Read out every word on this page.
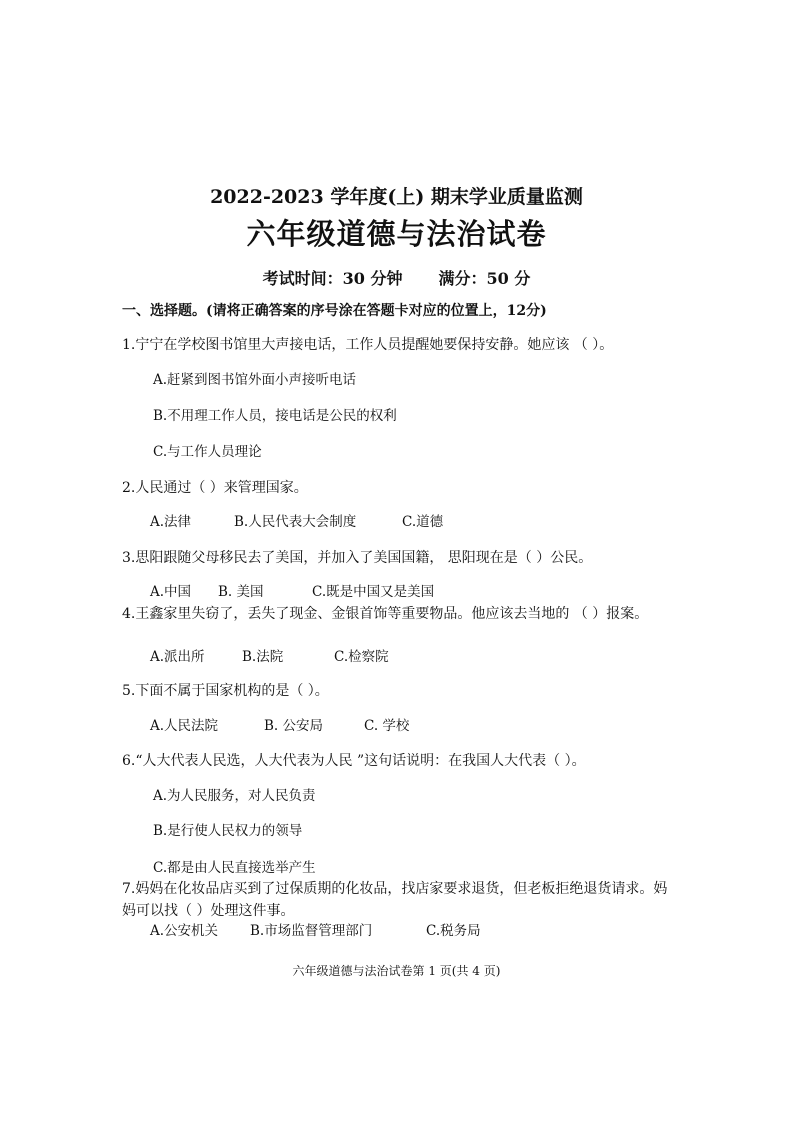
2022-2023 学年度(上) 期末学业质量监测
六年级道德与法治试卷
考试时间：30 分钟 满分：50 分
一、选择题。(请将正确答案的序号涂在答题卡对应的位置上，12分)
1.宁宁在学校图书馆里大声接电话，工作人员提醒她要保持安静。她应该 （ ）。
A.赶紧到图书馆外面小声接听电话
B.不用理工作人员，接电话是公民的权利
C.与工作人员理论
2.人民通过（ ）来管理国家。
A.法律	B.人民代表大会制度	C.道德
3.思阳跟随父母移民去了美国，并加入了美国国籍， 思阳现在是（ ）公民。
A.中国 B. 美国	C.既是中国又是美国
4.王鑫家里失窃了，丢失了现金、金银首饰等重要物品。他应该去当地的 （ ）报案。
A.派出所	B.法院	C.检察院
5.下面不属于国家机构的是（ ）。
A.人民法院	B. 公安局	C. 学校
6.“人大代表人民选，人大代表为人民 ”这句话说明：在我国人大代表（ ）。
A.为人民服务，对人民负责
B.是行使人民权力的领导
C.都是由人民直接选举产生
7.妈妈在化妆品店买到了过保质期的化妆品，找店家要求退货，但老板拒绝退货请求。妈妈可以找（ ）处理这件事。
A.公安机关 B.市场监督管理部门	C.税务局
六年级道德与法治试卷第 1 页(共 4 页)
